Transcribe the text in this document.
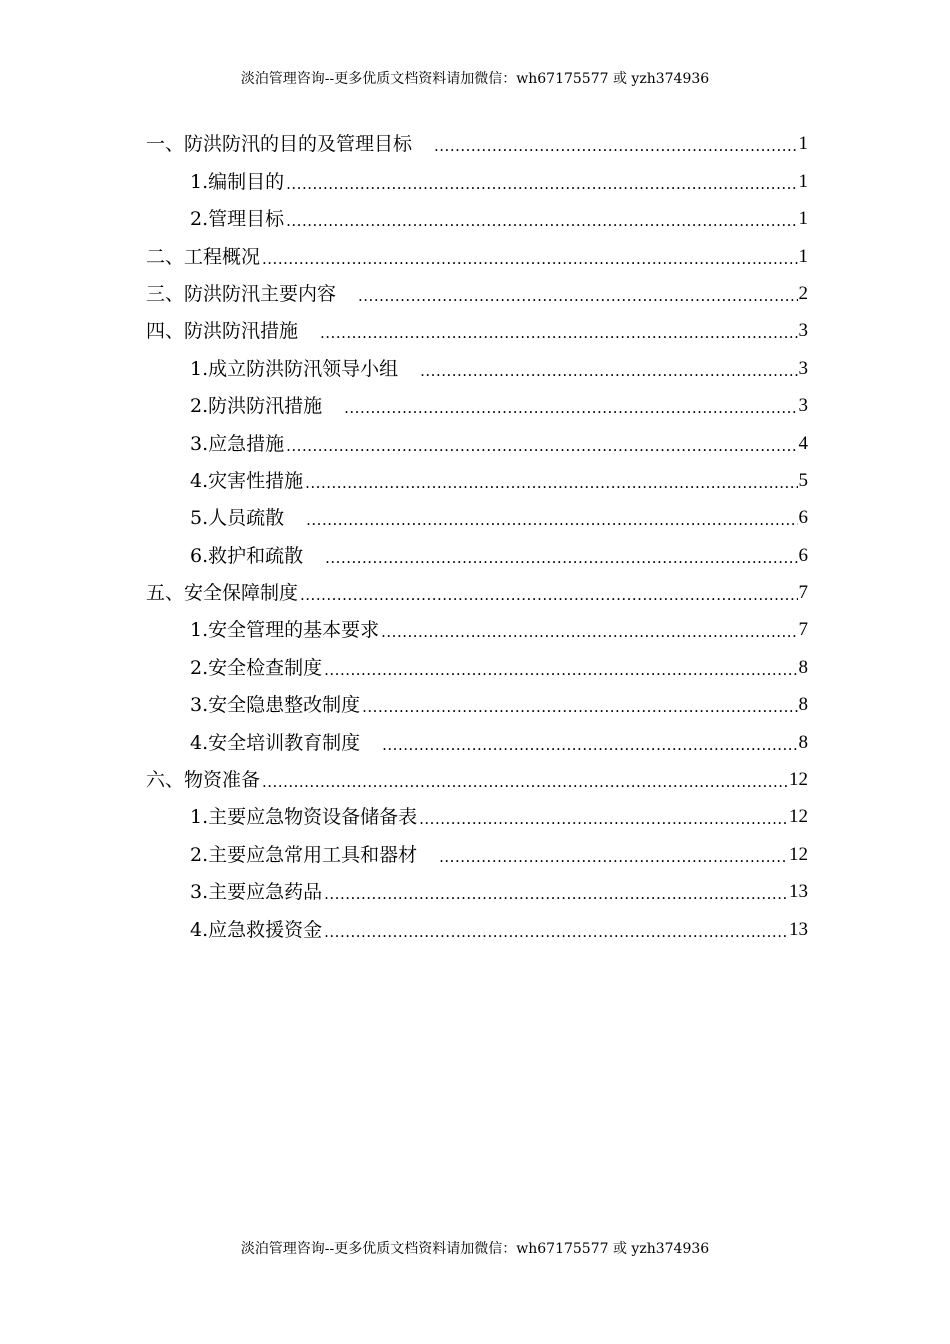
淡泊管理咨询--更多优质文档资料请加微信：wh67175577 或 yzh374936
一、防洪防汛的目的及管理目标 .....	1
1.编制目的 .....	1
2.管理目标 .....	1
二、工程概况 .....	1
三、防洪防汛主要内容 .....	2
四、防洪防汛措施 .....	3
1.成立防洪防汛领导小组 .....	3
2.防洪防汛措施 .....	3
3.应急措施 .....	4
4.灾害性措施 .....	5
5.人员疏散 .....	6
6.救护和疏散 .....	6
五、安全保障制度 .....	7
1.安全管理的基本要求 .....	7
2.安全检查制度 .....	8
3.安全隐患整改制度 .....	8
4.安全培训教育制度 .....	8
六、物资准备 .....	12
1.主要应急物资设备储备表 .....	12
2.主要应急常用工具和器材 .....	12
3.主要应急药品 .....	13
4.应急救援资金 .....	13
淡泊管理咨询--更多优质文档资料请加微信：wh67175577 或 yzh374936
